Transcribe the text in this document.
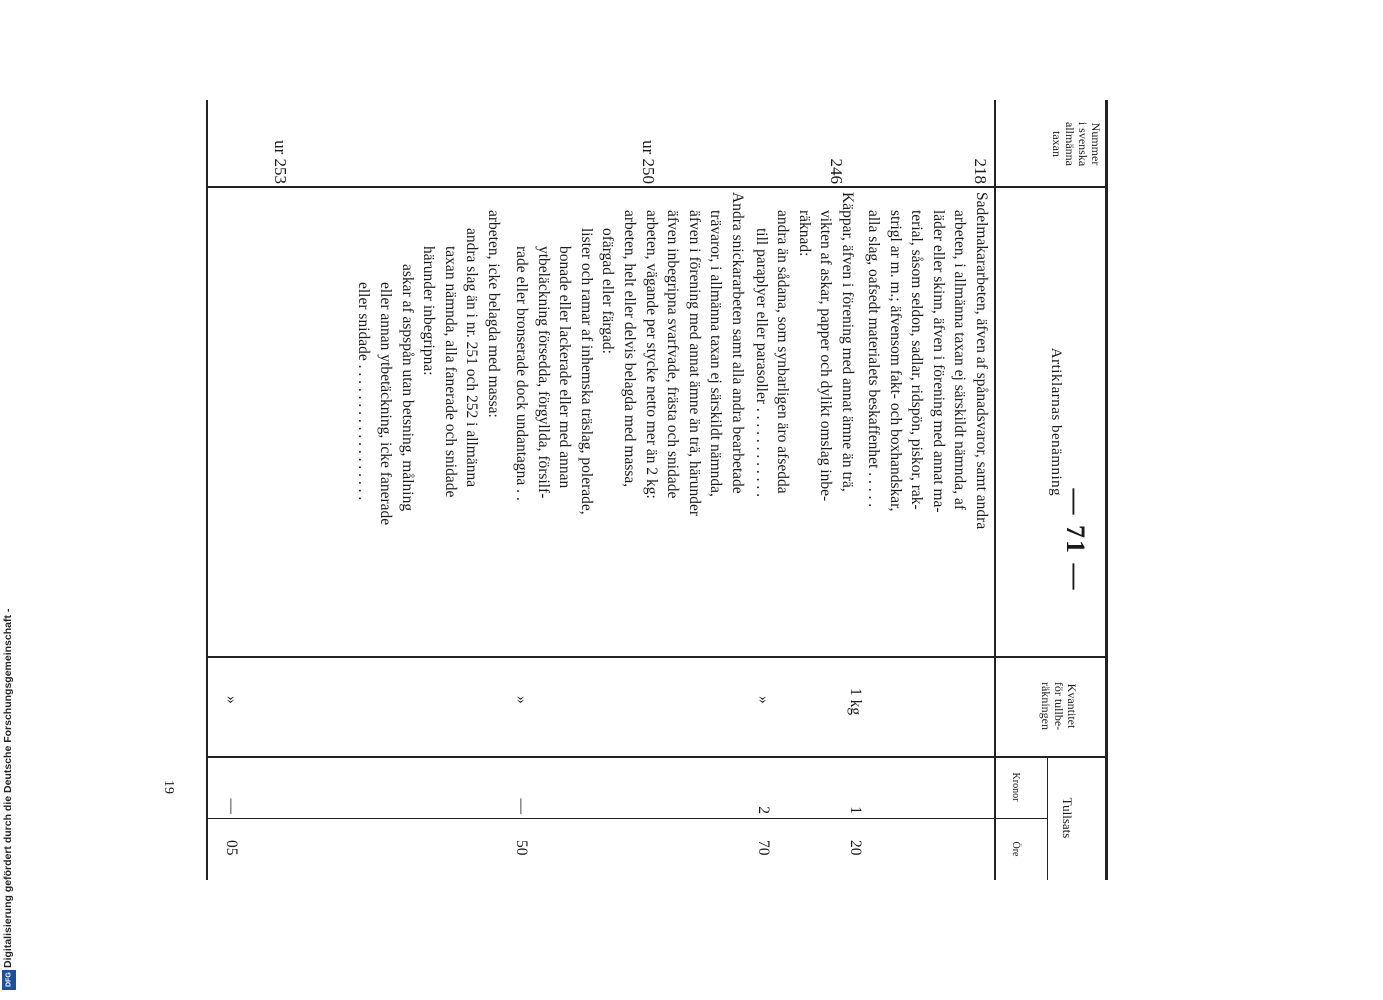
Digitalisierung gefördert durch die Deutsche Forschungsgemeinschaft -
DFG
— 71 —
19
Nummer
i svenska
allmänna
taxan
Artiklarnas benämning
Kvantitet
för tullbe-
räkningen
Tullsats
Kronor
Öre
218

Sadelmakararbeten, äfven af spånadsvaror, samt andra

arbeten, i allmänna taxan ej särskildt nämnda, af

läder eller skinn, äfven i förening med annat ma-

terial, såsom seldon, sadlar, ridspön, piskor, rak-

strigl ar m. m.; äfvensom fakt- och boxhandskar,

alla slag, oafsedt materialets beskaffenhet . . . . .

1 kg
1
20
246

Käppar, äfven i förening med annat ämne än trä,

vikten af askar, papper och dylikt omslag inbe-

räknad:

andra än sådana, som synbarligen äro afsedda

till paraplyer eller parasoller . . . . . . . . . . . .

»
2
70
ur 250

Andra snickararbeten samt alla andra bearbetade

trävaror, i allmänna taxan ej särskildt nämnda,

äfven i förening med annat ämne än trä, härunder

äfven inbegripna svarfvade, frästa och snidade

arbeten, vägande per stycke netto mer än 2 kg:

arbeten, helt eller delvis belagda med massa,

ofärgad eller färgad:

lister och ramar af inhemska träslag, polerade,

bonade eller lackerade eller med annan

ytbeläckning försedda, förgyllda, försilf-

rade eller bronserade dock undantagna . .

»
—
50
ur 253

arbeten, icke belagda med massa:

andra slag än i nr. 251 och 252 i allmänna

taxan nämnda, alla fanerade och snidade

härunder inbegripna:

askar af aspspån utan betsning, målning

eller annan ytbetäckning, icke fanerade

eller snidade . . . . . . . . . . . . . . . . . .

»
—
05
